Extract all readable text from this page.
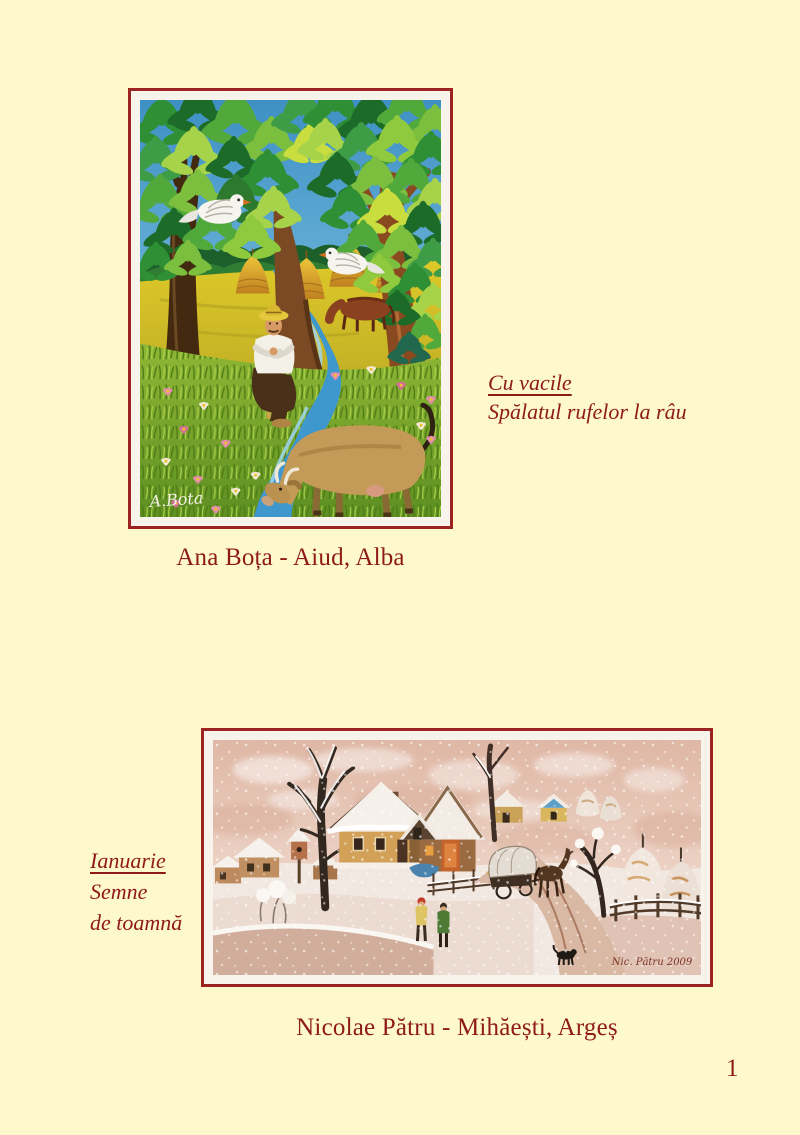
A.Bota
Cu vacile
Spălatul rufelor la râu
Ana Boța - Aiud, Alba
Nic. Pătru 2009
Ianuarie
Semne
de toamnă
Nicolae Pătru - Mihăești, Argeș
1
